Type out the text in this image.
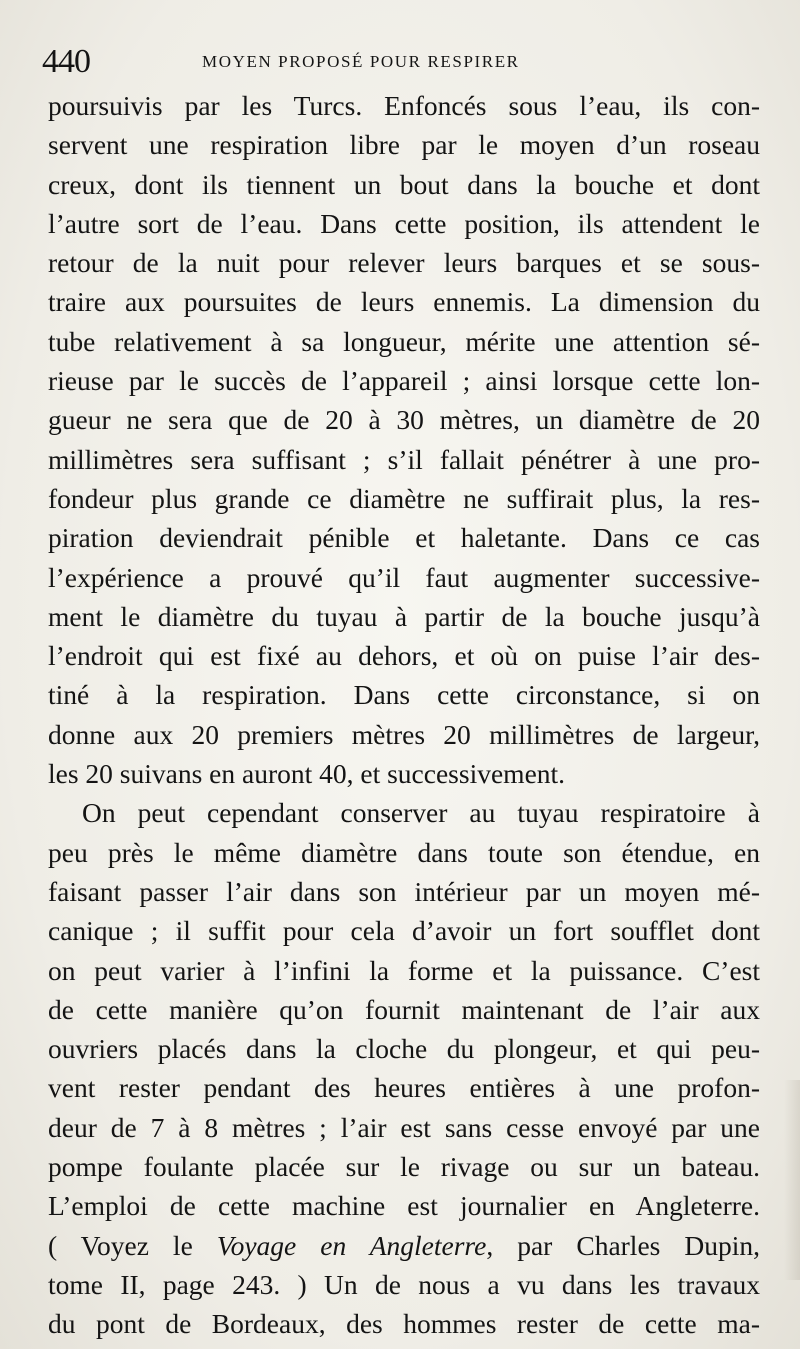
440	MOYEN PROPOSÉ POUR RESPIRER
poursuivis par les Turcs. Enfoncés sous l’eau, ils con-
servent une respiration libre par le moyen d’un roseau
creux, dont ils tiennent un bout dans la bouche et dont
l’autre sort de l’eau. Dans cette position, ils attendent le
retour de la nuit pour relever leurs barques et se sous-
traire aux poursuites de leurs ennemis. La dimension du
tube relativement à sa longueur, mérite une attention sé-
rieuse par le succès de l’appareil ; ainsi lorsque cette lon-
gueur ne sera que de 20 à 30 mètres, un diamètre de 20
millimètres sera suffisant ; s’il fallait pénétrer à une pro-
fondeur plus grande ce diamètre ne suffirait plus, la res-
piration deviendrait pénible et haletante. Dans ce cas
l’expérience a prouvé qu’il faut augmenter successive-
ment le diamètre du tuyau à partir de la bouche jusqu’à
l’endroit qui est fixé au dehors, et où on puise l’air des-
tiné à la respiration. Dans cette circonstance, si on
donne aux 20 premiers mètres 20 millimètres de largeur,
les 20 suivans en auront 40, et successivement.
On peut cependant conserver au tuyau respiratoire à
peu près le même diamètre dans toute son étendue, en
faisant passer l’air dans son intérieur par un moyen mé-
canique ; il suffit pour cela d’avoir un fort soufflet dont
on peut varier à l’infini la forme et la puissance. C’est
de cette manière qu’on fournit maintenant de l’air aux
ouvriers placés dans la cloche du plongeur, et qui peu-
vent rester pendant des heures entières à une profon-
deur de 7 à 8 mètres ; l’air est sans cesse envoyé par une
pompe foulante placée sur le rivage ou sur un bateau.
L’emploi de cette machine est journalier en Angleterre.
( Voyez le Voyage en Angleterre, par Charles Dupin,
tome II, page 243. ) Un de nous a vu dans les travaux
du pont de Bordeaux, des hommes rester de cette ma-
